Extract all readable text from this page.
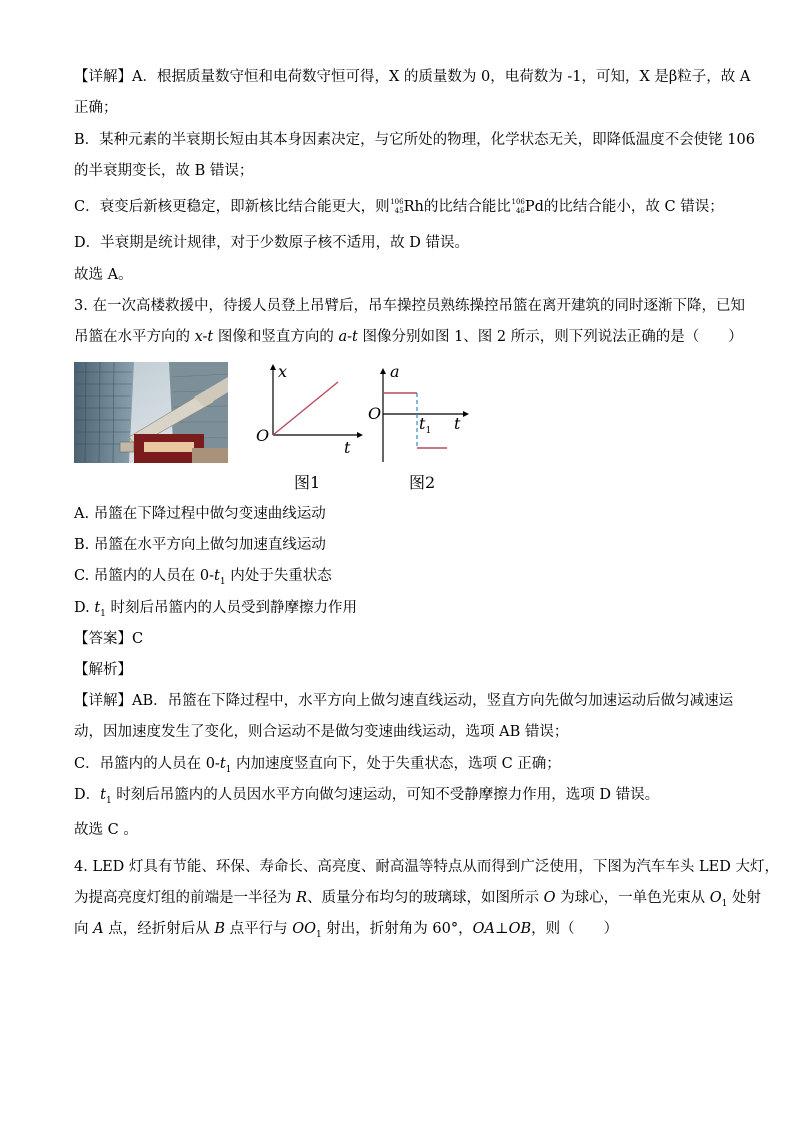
【详解】A．根据质量数守恒和电荷数守恒可得，X 的质量数为 0，电荷数为 -1，可知，X 是β粒子，故 A
正确；
B．某种元素的半衰期长短由其本身因素决定，与它所处的物理，化学状态无关，即降低温度不会使铑 106
的半衰期变长，故 B 错误；
C．衰变后新核更稳定，即新核比结合能更大，则 106
45 Rh的比结合能比 106
46 Pd的比结合能小，故 C 错误；
D．半衰期是统计规律，对于少数原子核不适用，故 D 错误。
故选 A。
3. 在一次高楼救援中，待援人员登上吊臂后，吊车操控员熟练操控吊篮在离开建筑的同时逐渐下降，已知
吊篮在水平方向的 x-t 图像和竖直方向的 a-t 图像分别如图 1、图 2 所示，则下列说法正确的是（　　）
x
O
t
图1
a
O
$t_1$ t
图2
A. 吊篮在下降过程中做匀变速曲线运动
B. 吊篮在水平方向上做匀加速直线运动
C. 吊篮内的人员在 $0-t_1$ 内处于失重状态
D. $t_1$ 时刻后吊篮内的人员受到静摩擦力作用
【答案】C
【解析】
【详解】AB．吊篮在下降过程中，水平方向上做匀速直线运动，竖直方向先做匀加速运动后做匀减速运
动，因加速度发生了变化，则合运动不是做匀变速曲线运动，选项 AB 错误；
C．吊篮内的人员在 $0-t_1$ 内加速度竖直向下，处于失重状态，选项 C 正确；
D．$t_1$ 时刻后吊篮内的人员因水平方向做匀速运动，可知不受静摩擦力作用，选项 D 错误。
故选 C 。
4. LED 灯具有节能、环保、寿命长、高亮度、耐高温等特点从而得到广泛使用，下图为汽车车头 LED 大灯，
为提高亮度灯组的前端是一半径为 R、质量分布均匀的玻璃球，如图所示 O 为球心，一单色光束从 $O_1$ 处射
向 A 点，经折射后从 B 点平行与 $OO_1$ 射出，折射角为 60°，OA⊥OB，则（　　）
